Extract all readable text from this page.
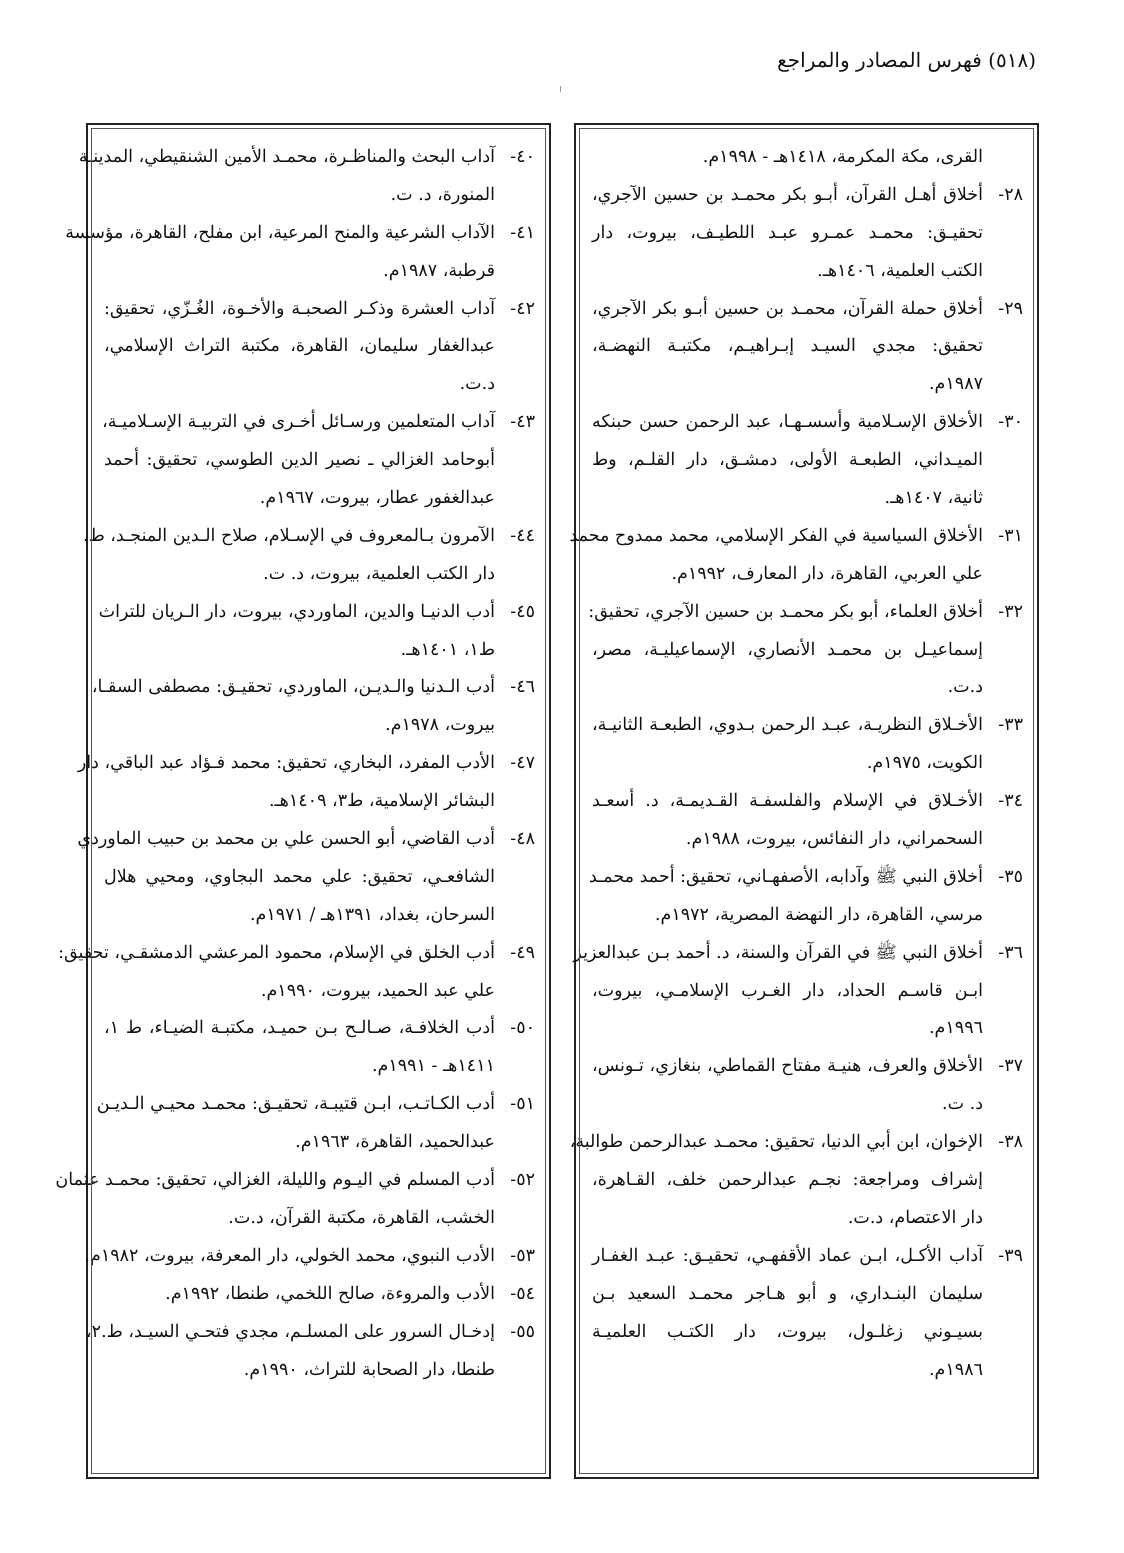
(٥١٨) فهرس المصادر والمراجع
القرى، مكة المكرمة، ١٤١٨هـ - ١٩٩٨م.
٢٨-
أخلاق أهـل القرآن، أبـو بكر محمـد بن حسين الآجري،
تحقيـق: محمـد عمـرو عبـد اللطيـف، بيروت، دار
الكتب العلمية، ١٤٠٦هـ.
٢٩-
أخلاق حملة القرآن، محمـد بن حسين أبـو بكر الآجري،
تحقيق: مجدي السيـد إبـراهيـم، مكتبـة النهضـة،
١٩٨٧م.
٣٠-
الأخلاق الإسـلامية وأسسـهـا، عبد الرحمن حسن حبنكه
الميـداني، الطبعـة الأولى، دمشـق، دار القلـم، وط
ثانية، ١٤٠٧هـ.
٣١-
الأخلاق السياسية في الفكر الإسلامي، محمد ممدوح محمد
علي العربي، القاهرة، دار المعارف، ١٩٩٢م.
٣٢-
أخلاق العلماء، أبو بكر محمـد بن حسين الآجري، تحقيق:
إسماعيـل بن محمـد الأنصاري، الإسماعيليـة، مصر،
د.ت.
٣٣-
الأخـلاق النظريـة، عبـد الرحمن بـدوي، الطبعـة الثانيـة،
الكويت، ١٩٧٥م.
٣٤-
الأخـلاق في الإسلام والفلسفـة القـديمـة، د. أسعـد
السحمراني، دار النفائس، بيروت، ١٩٨٨م.
٣٥-
أخلاق النبي ﷺ وآدابه، الأصفهـاني، تحقيق: أحمد محمـد
مرسي، القاهرة، دار النهضة المصرية، ١٩٧٢م.
٣٦-
أخلاق النبي ﷺ في القرآن والسنة، د. أحمد بـن عبدالعزيز
ابـن قاسـم الحداد، دار الغـرب الإسلامـي، بيروت،
١٩٩٦م.
٣٧-
الأخلاق والعرف، هنيـة مفتاح القماطي، بنغازي، تـونس،
د. ت.
٣٨-
الإخوان، ابن أبي الدنيا، تحقيق: محمـد عبدالرحمن طوالبة،
إشراف ومراجعة: نجـم عبدالرحمن خلف، القـاهرة،
دار الاعتصام، د.ت.
٣٩-
آداب الأكـل، ابـن عماد الأقفهـي، تحقيـق: عبـد الغفـار
سليمان البنـداري، و أبو هـاجر محمـد السعيد بـن
بسيـوني زغلـول، بيروت، دار الكتـب العلميـة
١٩٨٦م.
٤٠-
آداب البحث والمناظـرة، محمـد الأمين الشنقيطي، المدينـة
المنورة، د. ت.
٤١-
الآداب الشرعية والمنح المرعية، ابن مفلح، القاهرة، مؤسسة
قرطبة، ١٩٨٧م.
٤٢-
آداب العشرة وذكـر الصحبـة والأخـوة، الغُـزّي، تحقيق:
عبدالغفار سليمان، القاهرة، مكتبة التراث الإسلامي،
د.ت.
٤٣-
آداب المتعلمين ورسـائل أخـرى في التربيـة الإسـلاميـة،
أبوحامد الغزالي ـ نصير الدين الطوسي، تحقيق: أحمد
عبدالغفور عطار، بيروت، ١٩٦٧م.
٤٤-
الآمرون بـالمعروف في الإسـلام، صلاح الـدين المنجـد، ط.
دار الكتب العلمية، بيروت، د. ت.
٤٥-
أدب الدنيـا والدين، الماوردي، بيروت، دار الـريان للتراث
ط١، ١٤٠١هـ.
٤٦-
أدب الـدنيا والـديـن، الماوردي، تحقيـق: مصطفى السقـا،
بيروت، ١٩٧٨م.
٤٧-
الأدب المفرد، البخاري، تحقيق: محمد فـؤاد عبد الباقي، دار
البشائر الإسلامية، ط٣، ١٤٠٩هـ.
٤٨-
أدب القاضي، أبو الحسن علي بن محمد بن حبيب الماوردي
الشافعـي، تحقيق: علي محمد البجاوي، ومحيي هلال
السرحان، بغداد، ١٣٩١هـ / ١٩٧١م.
٤٩-
أدب الخلق في الإسلام، محمود المرعشي الدمشقـي، تحقيق:
علي عبد الحميد، بيروت، ١٩٩٠م.
٥٠-
أدب الخلافـة، صـالـح بـن حميـد، مكتبـة الضيـاء، ط ١،
١٤١١هـ - ١٩٩١م.
٥١-
أدب الكـاتـب، ابـن قتيبـة، تحقيـق: محمـد محيـي الـديـن
عبدالحميد، القاهرة، ١٩٦٣م.
٥٢-
أدب المسلم في اليـوم والليلة، الغزالي، تحقيق: محمـد عثمان
الخشب، القاهرة، مكتبة القرآن، د.ت.
٥٣-
الأدب النبوي، محمد الخولي، دار المعرفة، بيروت، ١٩٨٢م.
٥٤-
الأدب والمروءة، صالح اللخمي، طنطا، ١٩٩٢م.
٥٥-
إدخـال السرور على المسلـم، مجدي فتحـي السيـد، ط.٢،
طنطا، دار الصحابة للتراث، ١٩٩٠م.
